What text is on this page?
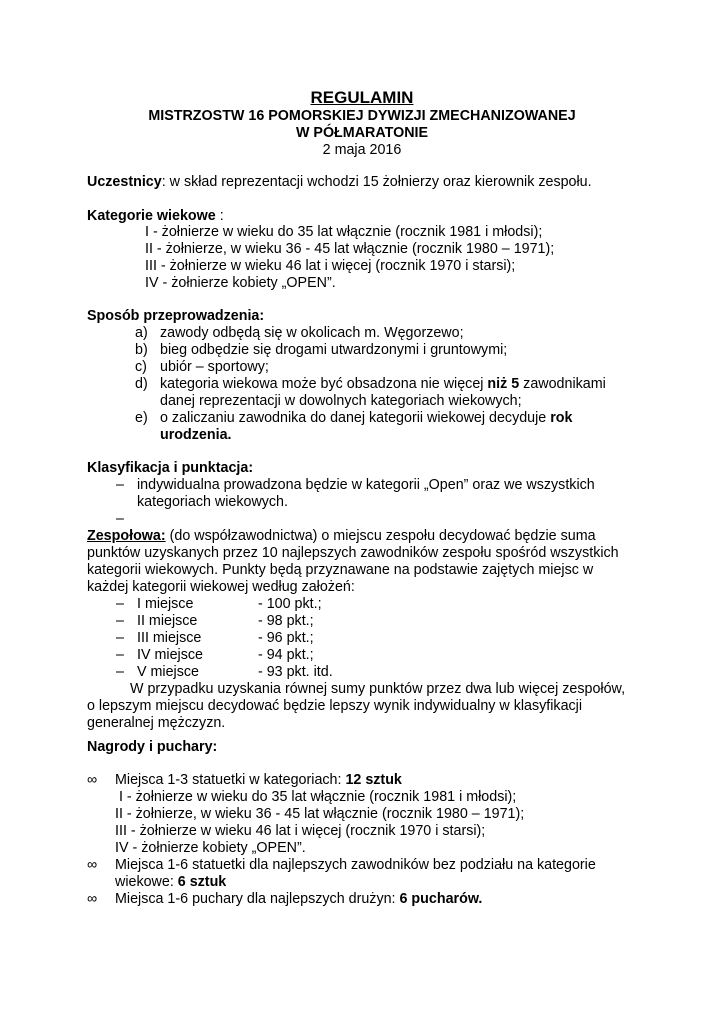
REGULAMIN
MISTRZOSTW 16 POMORSKIEJ DYWIZJI ZMECHANIZOWANEJ
W PÓŁMARATONIE
2 maja 2016
Uczestnicy: w skład reprezentacji wchodzi 15 żołnierzy oraz kierownik zespołu.
Kategorie wiekowe :
I - żołnierze w wieku do 35 lat włącznie (rocznik 1981 i młodsi);
II - żołnierze, w wieku 36 - 45 lat włącznie (rocznik 1980 – 1971);
III - żołnierze w wieku 46 lat i więcej (rocznik 1970 i starsi);
IV - żołnierze kobiety „OPEN”.
Sposób przeprowadzenia:
a) zawody odbędą się w okolicach m. Węgorzewo;
b) bieg odbędzie się drogami utwardzonymi i gruntowymi;
c) ubiór – sportowy;
d) kategoria wiekowa może być obsadzona nie więcej niż 5 zawodnikami
danej reprezentacji w dowolnych kategoriach wiekowych;
e) o zaliczaniu zawodnika do danej kategorii wiekowej decyduje rok
urodzenia.
Klasyfikacja i punktacja:
– indywidualna prowadzona będzie w kategorii „Open” oraz we wszystkich
kategoriach wiekowych.
–
Zespołowa: (do współzawodnictwa) o miejscu zespołu decydować będzie suma
punktów uzyskanych przez 10 najlepszych zawodników zespołu spośród wszystkich
kategorii wiekowych. Punkty będą przyznawane na podstawie zajętych miejsc w
każdej kategorii wiekowej według założeń:
– I miejsce	- 100 pkt.;
– II miejsce	- 98 pkt.;
– III miejsce	- 96 pkt.;
– IV miejsce	- 94 pkt.;
– V miejsce	- 93 pkt. itd.
W przypadku uzyskania równej sumy punktów przez dwa lub więcej zespołów,
o lepszym miejscu decydować będzie lepszy wynik indywidualny w klasyfikacji
generalnej mężczyzn.
Nagrody i puchary:
∞ Miejsca 1-3 statuetki w kategoriach: 12 sztuk
I - żołnierze w wieku do 35 lat włącznie (rocznik 1981 i młodsi);
II - żołnierze, w wieku 36 - 45 lat włącznie (rocznik 1980 – 1971);
III - żołnierze w wieku 46 lat i więcej (rocznik 1970 i starsi);
IV - żołnierze kobiety „OPEN”.
∞ Miejsca 1-6 statuetki dla najlepszych zawodników bez podziału na kategorie
wiekowe: 6 sztuk
∞ Miejsca 1-6 puchary dla najlepszych drużyn: 6 pucharów.
